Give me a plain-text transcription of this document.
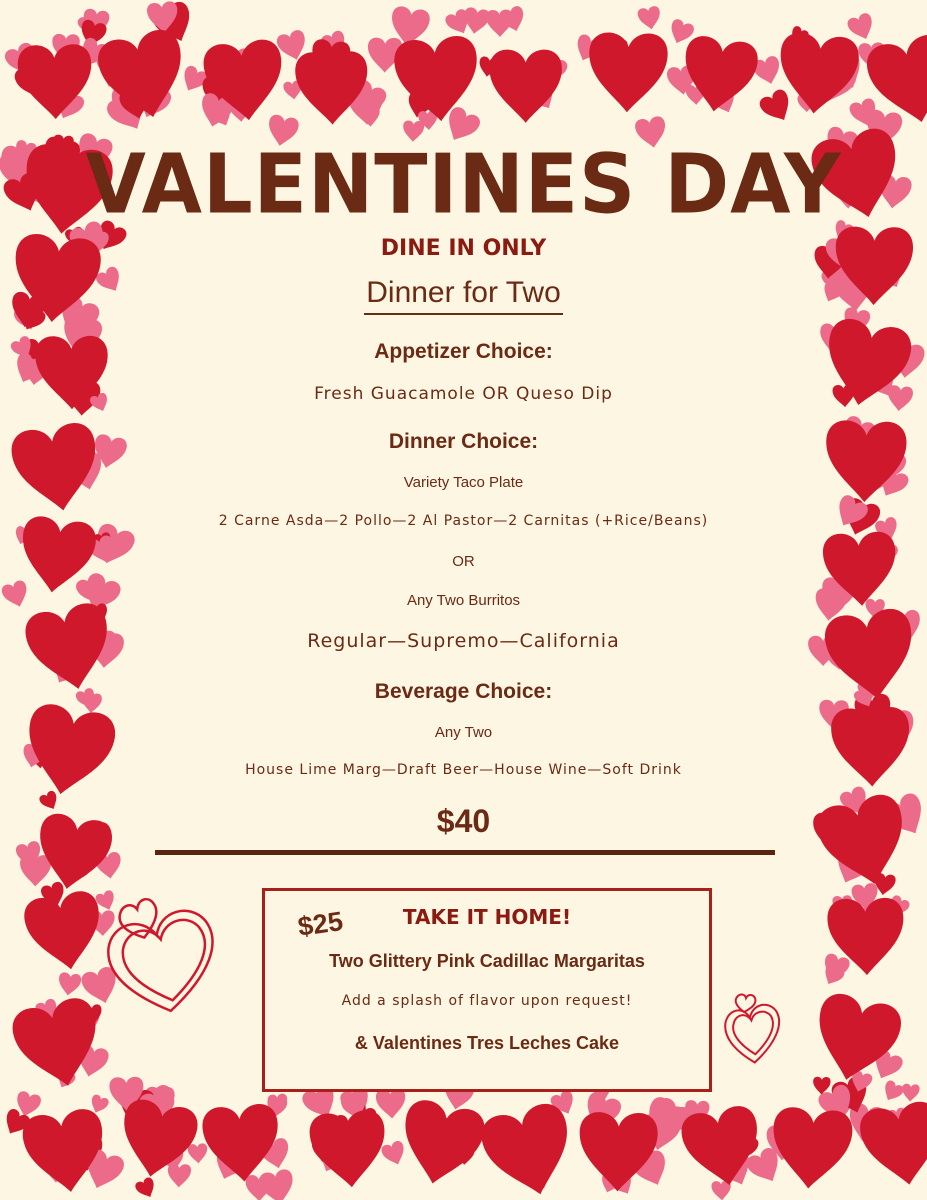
VALENTINES DAY
DINE IN ONLY
Dinner for Two
Appetizer Choice:
Fresh Guacamole OR Queso Dip
Dinner Choice:
Variety Taco Plate
2 Carne Asda—2 Pollo—2 Al Pastor—2 Carnitas (+Rice/Beans)
OR
Any Two Burritos
Regular—Supremo—California
Beverage Choice:
Any Two
House Lime Marg—Draft Beer—House Wine—Soft Drink
$40
$25	TAKE IT HOME!
Two Glittery Pink Cadillac Margaritas
Add a splash of flavor upon request!
& Valentines Tres Leches Cake
